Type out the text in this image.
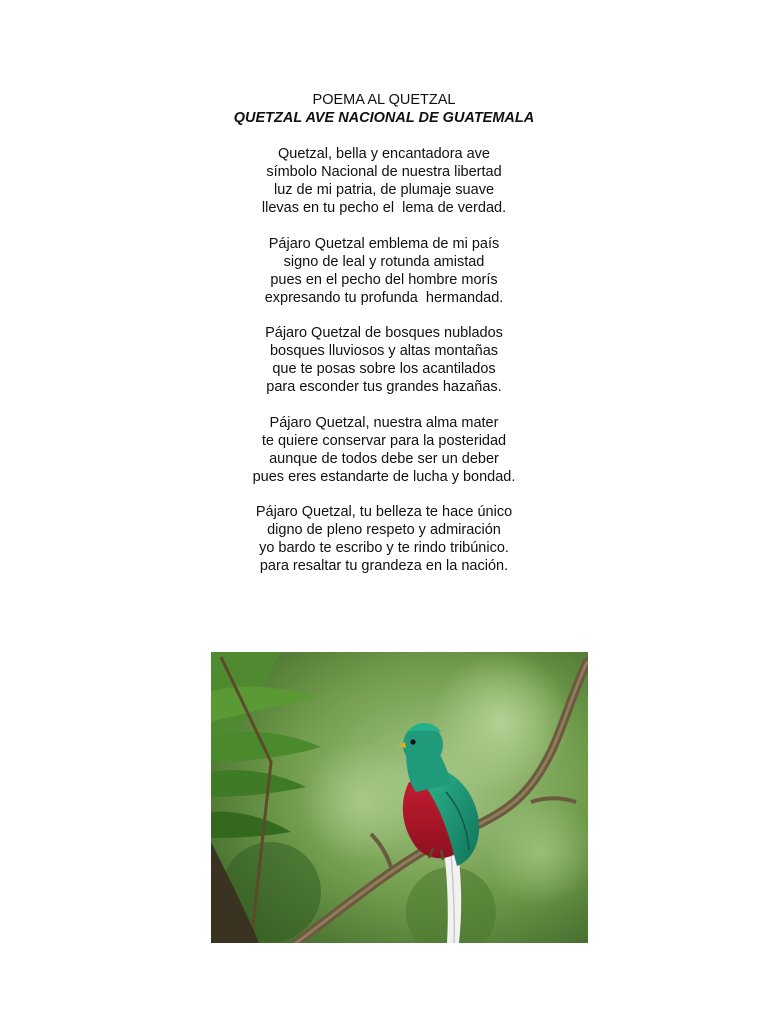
POEMA AL QUETZAL
QUETZAL AVE NACIONAL DE GUATEMALA
Quetzal, bella y encantadora ave
símbolo Nacional de nuestra libertad
luz de mi patria, de plumaje suave
llevas en tu pecho el  lema de verdad.
Pájaro Quetzal emblema de mi país
signo de leal y rotunda amistad
pues en el pecho del hombre morís
expresando tu profunda  hermandad.
Pájaro Quetzal de bosques nublados
bosques lluviosos y altas montañas
que te posas sobre los acantilados
para esconder tus grandes hazañas.
Pájaro Quetzal, nuestra alma mater
te quiere conservar para la posteridad
aunque de todos debe ser un deber
pues eres estandarte de lucha y bondad.
Pájaro Quetzal, tu belleza te hace único
digno de pleno respeto y admiración
yo bardo te escribo y te rindo tribúnico.
para resaltar tu grandeza en la nación.
